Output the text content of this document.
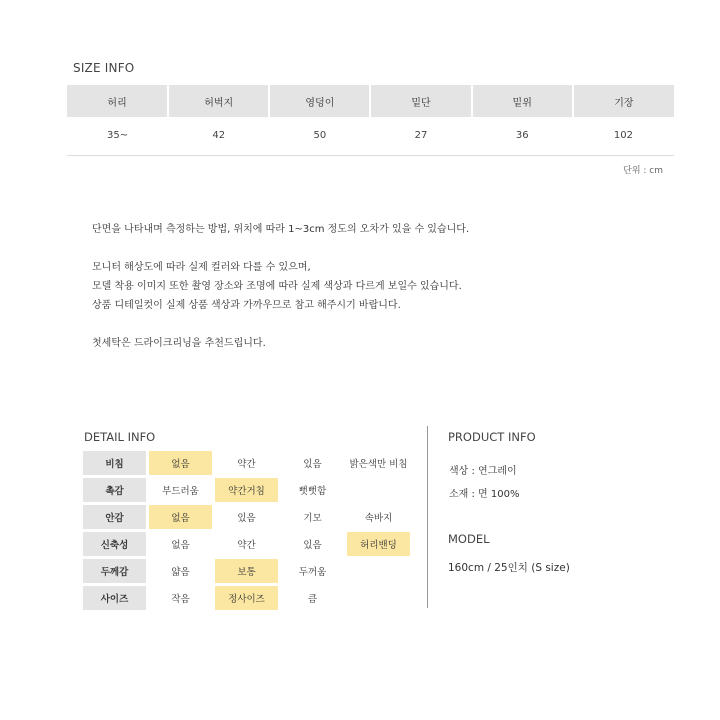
SIZE INFO
허리	허벅지	영덩이	밑단	밑위	기장
35~	42	50	27	36	102
단위 : cm

단면을 나타내며 측정하는 방법, 위치에 따라 1~3cm 정도의 오차가 있을 수 있습니다.

모니터 해상도에 따라 실제 컬러와 다를 수 있으며,

모델 착용 이미지 또한 촬영 장소와 조명에 따라 실제 색상과 다르게 보일수 있습니다.

상품 디테일컷이 실제 상품 색상과 가까우므로 참고 해주시기 바랍니다.

첫세탁은 드라이크리닝을 추천드립니다.

DETAIL INFO
비침	없음	약간	있음	밝은색만 비침
촉감	부드러움	약간거침	뻣뻣함	
안감	없음	있음	기모	속바지
신축성	없음	약간	있음	허리밴딩
두께감	얇음	보통	두꺼움	
사이즈	작음	정사이즈	큼	
PRODUCT INFO
색상 : 연그레이
소재 : 면 100%
MODEL
160cm / 25인치 (S size)
